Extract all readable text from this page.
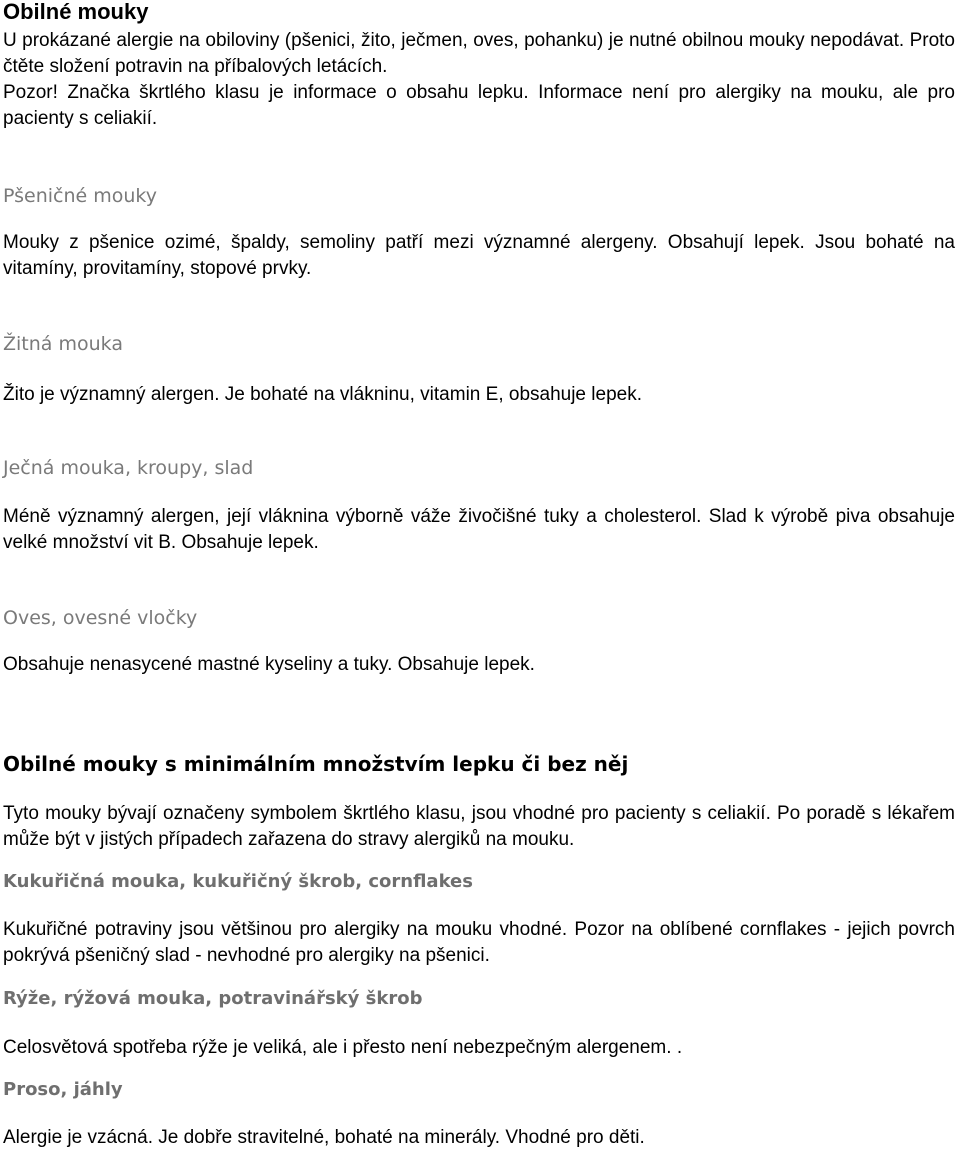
Obilné mouky

U prokázané alergie na obiloviny (pšenici, žito, ječmen, oves, pohanku) je nutné obilnou mouky nepodávat. Proto čtěte složení potravin na příbalových letácích.

Pozor! Značka škrtlého klasu je informace o obsahu lepku. Informace není pro alergiky na mouku, ale pro pacienty s celiakií.

Pšeničné mouky

Mouky z pšenice ozimé, špaldy, semoliny patří mezi významné alergeny. Obsahují lepek. Jsou bohaté na vitamíny, provitamíny, stopové prvky.

Žitná mouka

Žito je významný alergen. Je bohaté na vlákninu, vitamin E, obsahuje lepek.

Ječná mouka, kroupy, slad

Méně významný alergen, její vláknina výborně váže živočišné tuky a cholesterol. Slad k výrobě piva obsahuje velké množství vit B. Obsahuje lepek.

Oves, ovesné vločky

Obsahuje nenasycené mastné kyseliny a tuky. Obsahuje lepek.

Obilné mouky s minimálním množstvím lepku či bez něj

Tyto mouky bývají označeny symbolem škrtlého klasu, jsou vhodné pro pacienty s celiakií. Po poradě s lékařem může být v jistých případech zařazena do stravy alergiků na mouku.

Kukuřičná mouka, kukuřičný škrob, cornflakes

Kukuřičné potraviny jsou většinou pro alergiky na mouku vhodné. Pozor na oblíbené cornflakes - jejich povrch pokrývá pšeničný slad - nevhodné pro alergiky na pšenici.

Rýže, rýžová mouka, potravinářský škrob

Celosvětová spotřeba rýže je veliká, ale i přesto není nebezpečným alergenem. .

Proso, jáhly

Alergie je vzácná. Je dobře stravitelné, bohaté na minerály. Vhodné pro děti.
